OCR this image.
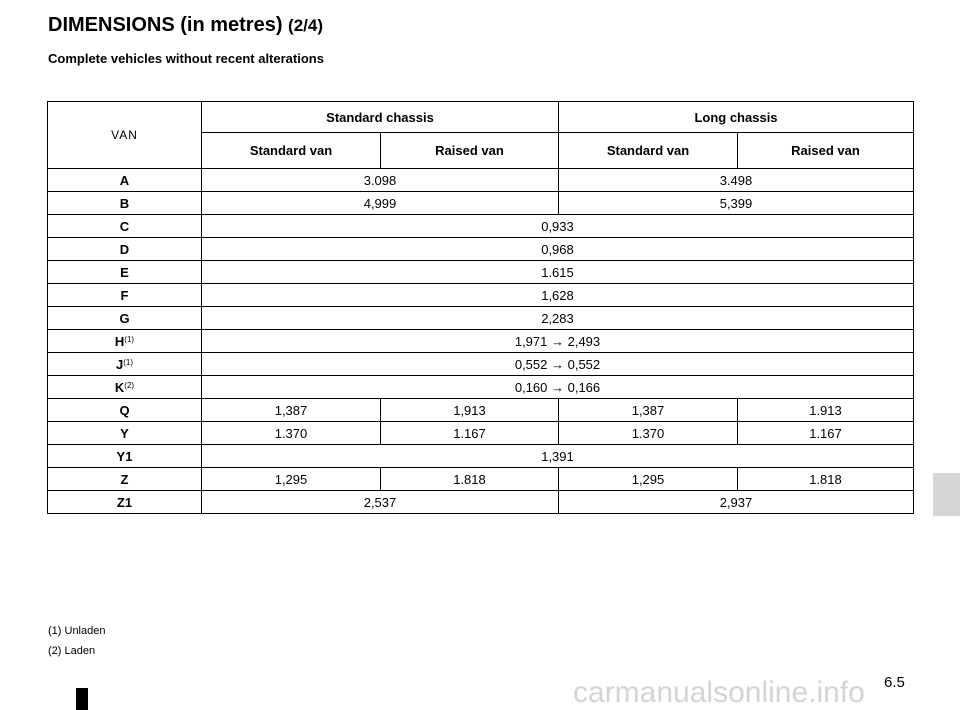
DIMENSIONS (in metres) (2/4)
Complete vehicles without recent alterations
VAN	Standard chassis		Long chassis	
	Standard van	Raised van	Standard van	Raised van
A	3.098		3.498	
B	4,999		5,399	
C	0,933			
D	0,968			
E	1.615			
F	1,628			
G	2,283			
$H^{(1)}$	1,971 → 2,493			
$J^{(1)}$	0,552 → 0,552			
$K^{(2)}$	0,160 → 0,166			
Q	1,387	1,913	1,387	1.913
Y	1.370	1.167	1.370	1.167
Y1	1,391			
Z	1,295	1.818	1,295	1.818
Z1	2,537		2,937	
(1) Unladen
(2) Laden
6.5
carmanualsonline.info
